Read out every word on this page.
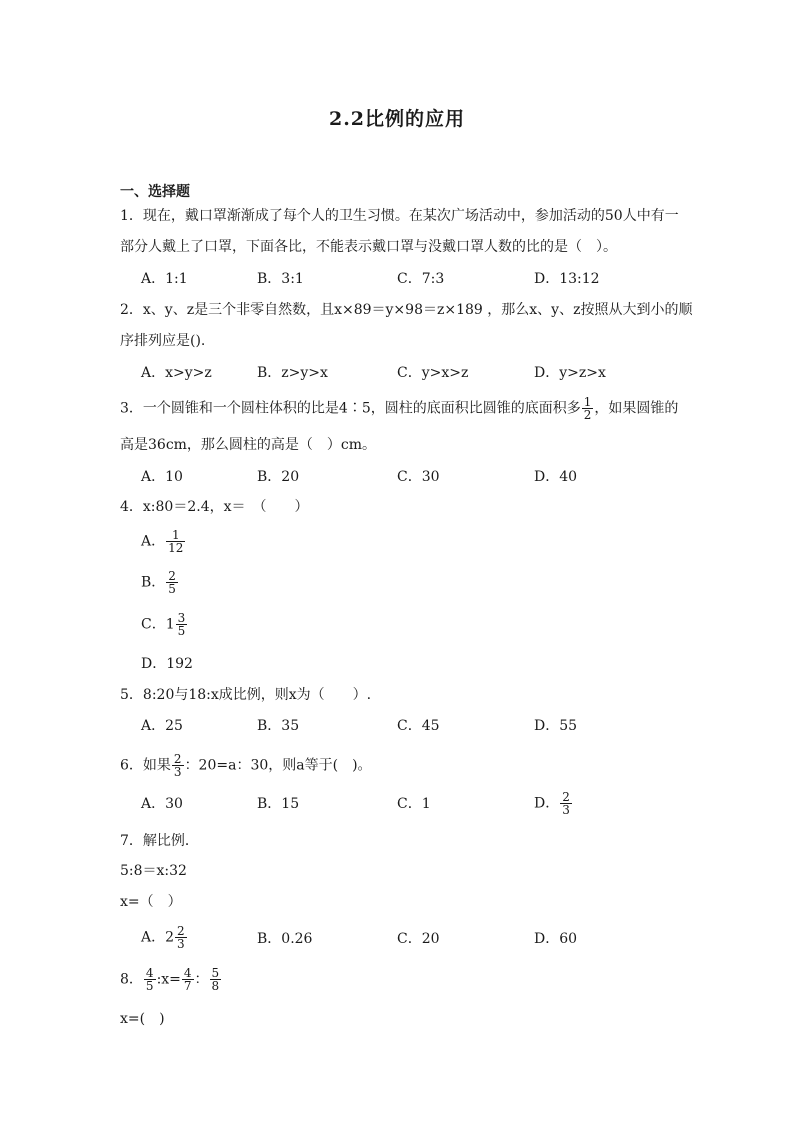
2.2比例的应用
一、选择题
1．现在，戴口罩渐渐成了每个人的卫生习惯。在某次广场活动中，参加活动的50人中有一
部分人戴上了口罩，下面各比，不能表示戴口罩与没戴口罩人数的比的是（　）。
A．1:1	B．3:1	C．7:3	D．13:12
2．x、y、z是三个非零自然数，且x×89＝y×98＝z×189 ，那么x、y、z按照从大到小的顺
序排列应是().
A．x>y>z	B．z>y>x	C．y>x>z	D．y>z>x
3．一个圆锥和一个圆柱体积的比是4∶5，圆柱的底面积比圆锥的底面积多 $\frac{1}{2}$ ，如果圆锥的
高是36cm，那么圆柱的高是（　）cm。
A．10	B．20	C．30	D．40
4．x:80＝2.4，x＝　（　　）
A． $\frac{1}{12}$
B． $\frac{2}{5}$
C．$1 \frac{3}{5}$
D．192
5．8:20与18:x成比例，则x为（　　）.
A．25	B．35	C．45	D．55
6．如果 $\frac{2}{3}$ ：20=a：30，则a等于(　)。
A．30	B．15	C．1	D． $\frac{2}{3}$
7．解比例．
5:8＝x:32
x=（　）
A．$2 \frac{2}{3}$	B．0.26	C．20	D．60
8． $\frac{4}{5}$ :x= $\frac{4}{7}$ ： $\frac{5}{8}$
x=(　)
